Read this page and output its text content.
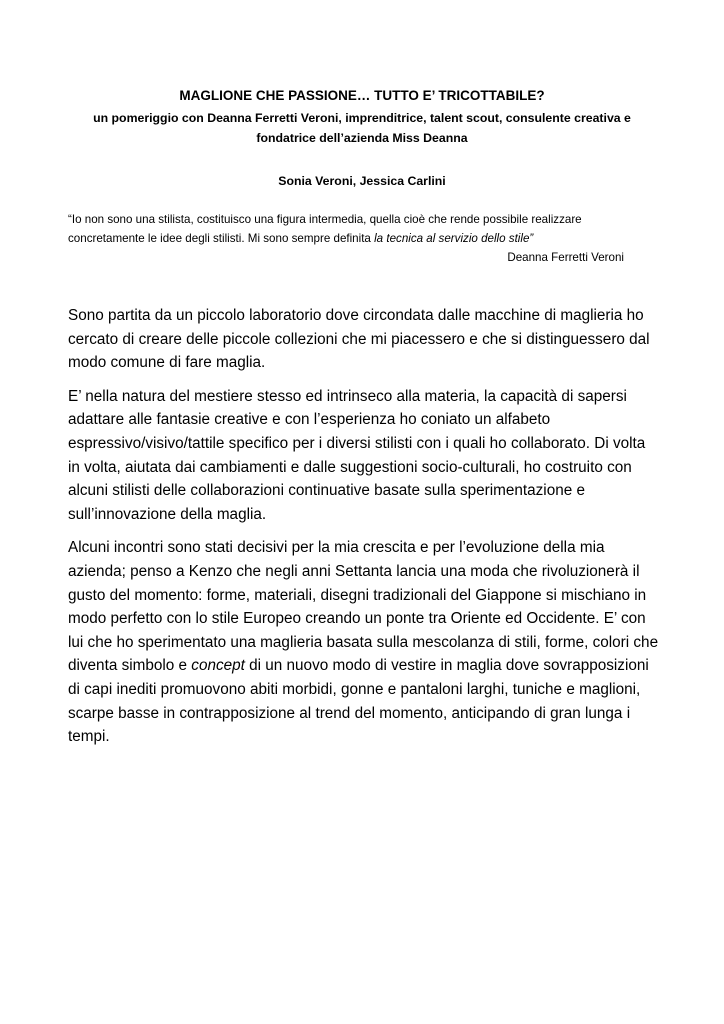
MAGLIONE CHE PASSIONE… TUTTO E’ TRICOTTABILE?
un pomeriggio con Deanna Ferretti Veroni, imprenditrice, talent scout, consulente creativa e fondatrice dell’azienda Miss Deanna
Sonia Veroni, Jessica Carlini
“Io non sono una stilista, costituisco una figura intermedia, quella cioè che rende possibile realizzare concretamente le idee degli stilisti. Mi sono sempre definita la tecnica al servizio dello stile”
Deanna Ferretti Veroni

Sono partita da un piccolo laboratorio dove circondata dalle macchine di maglieria ho cercato di creare delle piccole collezioni che mi piacessero e che si distinguessero dal modo comune di fare maglia.

E’ nella natura del mestiere stesso ed intrinseco alla materia, la capacità di sapersi adattare alle fantasie creative e con l’esperienza ho coniato un alfabeto espressivo/visivo/tattile specifico per i diversi stilisti con i quali ho collaborato. Di volta in volta, aiutata dai cambiamenti e dalle suggestioni socio-culturali, ho costruito con alcuni stilisti delle collaborazioni continuative basate sulla sperimentazione e sull’innovazione della maglia.

Alcuni incontri sono stati decisivi per la mia crescita e per l’evoluzione della mia azienda; penso a Kenzo che negli anni Settanta lancia una moda che rivoluzionerà il gusto del momento: forme, materiali, disegni tradizionali del Giappone si mischiano in modo perfetto con lo stile Europeo creando un ponte tra Oriente ed Occidente. E’ con lui che ho sperimentato una maglieria basata sulla mescolanza di stili, forme, colori che diventa simbolo e concept di un nuovo modo di vestire in maglia dove sovrapposizioni di capi inediti promuovono abiti morbidi, gonne e pantaloni larghi, tuniche e maglioni, scarpe basse in contrapposizione al trend del momento, anticipando di gran lunga i tempi.
